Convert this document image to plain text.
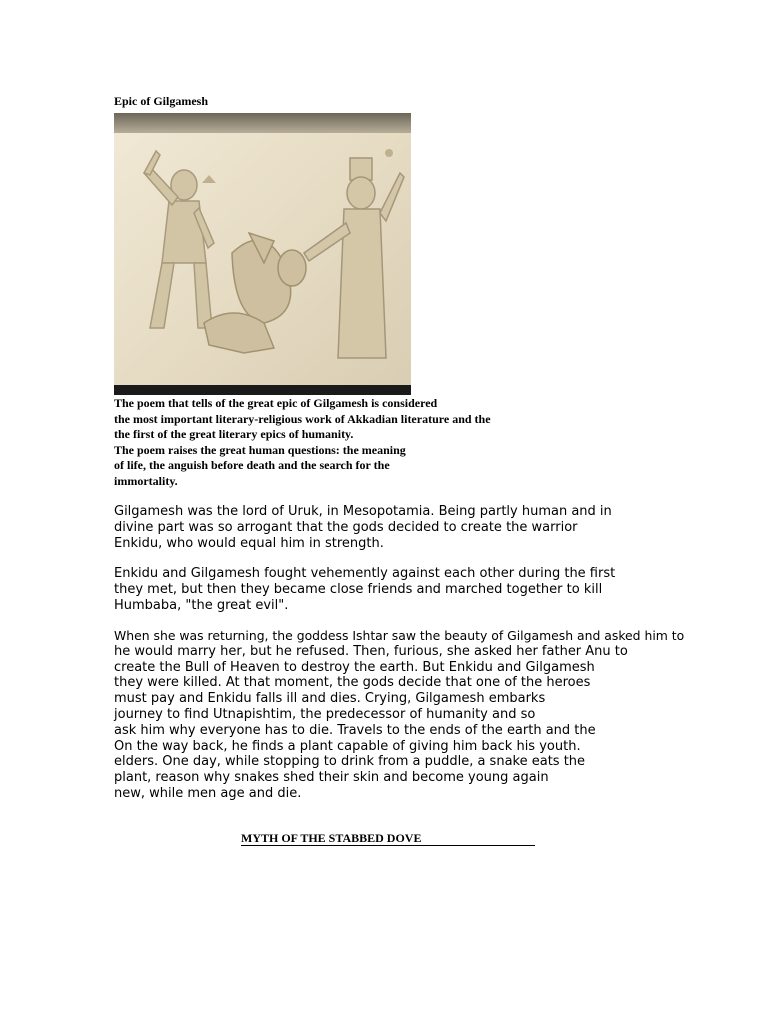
Epic of Gilgamesh
The poem that tells of the great epic of Gilgamesh is considered
the most important literary-religious work of Akkadian literature and the
the first of the great literary epics of humanity.
The poem raises the great human questions: the meaning
of life, the anguish before death and the search for the
immortality.
Gilgamesh was the lord of Uruk, in Mesopotamia. Being partly human and in
divine part was so arrogant that the gods decided to create the warrior
Enkidu, who would equal him in strength.
Enkidu and Gilgamesh fought vehemently against each other during the first
they met, but then they became close friends and marched together to kill
Humbaba, "the great evil".
When she was returning, the goddess Ishtar saw the beauty of Gilgamesh and asked him to
he would marry her, but he refused. Then, furious, she asked her father Anu to
create the Bull of Heaven to destroy the earth. But Enkidu and Gilgamesh
they were killed. At that moment, the gods decide that one of the heroes
must pay and Enkidu falls ill and dies. Crying, Gilgamesh embarks
journey to find Utnapishtim, the predecessor of humanity and so
ask him why everyone has to die. Travels to the ends of the earth and the
On the way back, he finds a plant capable of giving him back his youth.
elders. One day, while stopping to drink from a puddle, a snake eats the
plant, reason why snakes shed their skin and become young again
new, while men age and die.
MYTH OF THE STABBED DOVE
